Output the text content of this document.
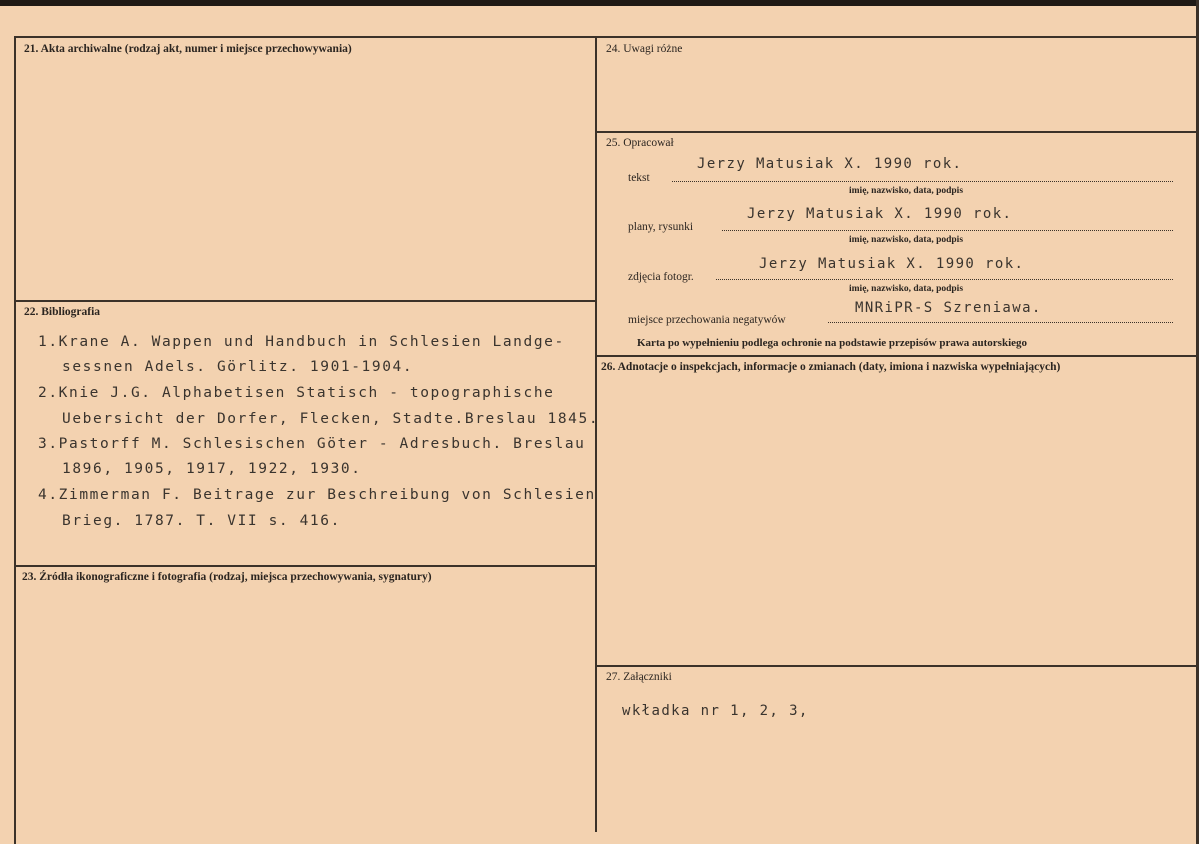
21. Akta archiwalne (rodzaj akt, numer i miejsce przechowywania)
22. Bibliografia
1.Krane A. Wappen und Handbuch in Schlesien Landge-
sessnen Adels. Görlitz. 1901-1904.
2.Knie J.G. Alphabetisen Statisch - topographische
Uebersicht der Dorfer, Flecken, Stadte.Breslau 1845.
3.Pastorff M. Schlesischen Göter - Adresbuch. Breslau
1896, 1905, 1917, 1922, 1930.
4.Zimmerman F. Beitrage zur Beschreibung von Schlesien
Brieg. 1787. T. VII s. 416.
23. Źródła ikonograficzne i fotografia (rodzaj, miejsca przechowywania, sygnatury)
24. Uwagi różne
25. Opracował
Jerzy Matusiak X. 1990 rok.
tekst
imię, nazwisko, data, podpis
Jerzy Matusiak X. 1990 rok.
plany, rysunki
imię, nazwisko, data, podpis
Jerzy Matusiak X. 1990 rok.
zdjęcia fotogr.
imię, nazwisko, data, podpis
MNRiPR-S Szreniawa.
miejsce przechowania negatywów
Karta po wypełnieniu podlega ochronie na podstawie przepisów prawa autorskiego
26. Adnotacje o inspekcjach, informacje o zmianach (daty, imiona i nazwiska wypełniających)
27. Załączniki
wkładka nr 1, 2, 3,
